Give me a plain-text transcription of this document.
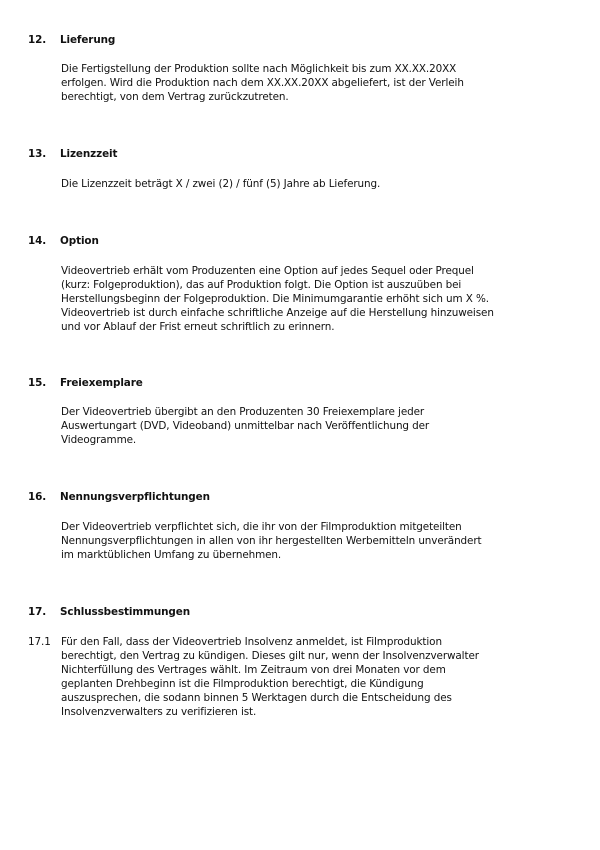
12. Lieferung
Die Fertigstellung der Produktion sollte nach Möglichkeit bis zum XX.XX.20XX
erfolgen. Wird die Produktion nach dem XX.XX.20XX abgeliefert, ist der Verleih
berechtigt, von dem Vertrag zurückzutreten.
13. Lizenzzeit
Die Lizenzzeit beträgt X / zwei (2) / fünf (5) Jahre ab Lieferung.
14. Option
Videovertrieb erhält vom Produzenten eine Option auf jedes Sequel oder Prequel
(kurz: Folgeproduktion), das auf Produktion folgt. Die Option ist auszuüben bei
Herstellungsbeginn der Folgeproduktion. Die Minimumgarantie erhöht sich um X %.
Videovertrieb ist durch einfache schriftliche Anzeige auf die Herstellung hinzuweisen
und vor Ablauf der Frist erneut schriftlich zu erinnern.
15. Freiexemplare
Der Videovertrieb übergibt an den Produzenten 30 Freiexemplare jeder
Auswertungart (DVD, Videoband) unmittelbar nach Veröffentlichung der
Videogramme.
16. Nennungsverpflichtungen
Der Videovertrieb verpflichtet sich, die ihr von der Filmproduktion mitgeteilten
Nennungsverpflichtungen in allen von ihr hergestellten Werbemitteln unverändert
im marktüblichen Umfang zu übernehmen.
17. Schlussbestimmungen
17.1 Für den Fall, dass der Videovertrieb Insolvenz anmeldet, ist Filmproduktion
berechtigt, den Vertrag zu kündigen. Dieses gilt nur, wenn der Insolvenzverwalter
Nichterfüllung des Vertrages wählt. Im Zeitraum von drei Monaten vor dem
geplanten Drehbeginn ist die Filmproduktion berechtigt, die Kündigung
auszusprechen, die sodann binnen 5 Werktagen durch die Entscheidung des
Insolvenzverwalters zu verifizieren ist.
